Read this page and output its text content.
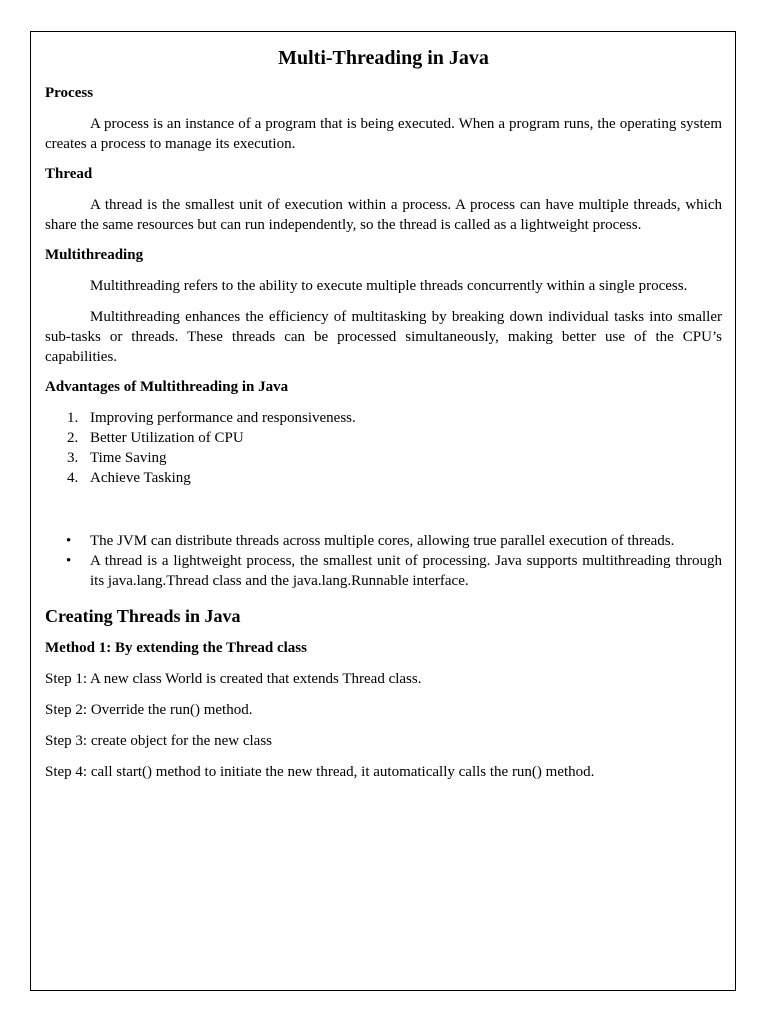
Multi-Threading in Java
Process

A process is an instance of a program that is being executed. When a program runs, the operating system creates a process to manage its execution.

Thread

A thread is the smallest unit of execution within a process. A process can have multiple threads, which share the same resources but can run independently, so the thread is called as a lightweight process.

Multithreading

Multithreading refers to the ability to execute multiple threads concurrently within a single process.

Multithreading enhances the efficiency of multitasking by breaking down individual tasks into smaller sub-tasks or threads. These threads can be processed simultaneously, making better use of the CPU’s capabilities.

Advantages of Multithreading in Java
1. Improving performance and responsiveness.
2. Better Utilization of CPU
3. Time Saving
4. Achieve Tasking
• The JVM can distribute threads across multiple cores, allowing true parallel execution of threads.
• A thread is a lightweight process, the smallest unit of processing. Java supports multithreading through its java.lang.Thread class and the java.lang.Runnable interface.
Creating Threads in Java
Method 1: By extending the Thread class

Step 1: A new class World is created that extends Thread class.

Step 2: Override the run() method.

Step 3: create object for the new class

Step 4: call start() method to initiate the new thread, it automatically calls the run() method.
